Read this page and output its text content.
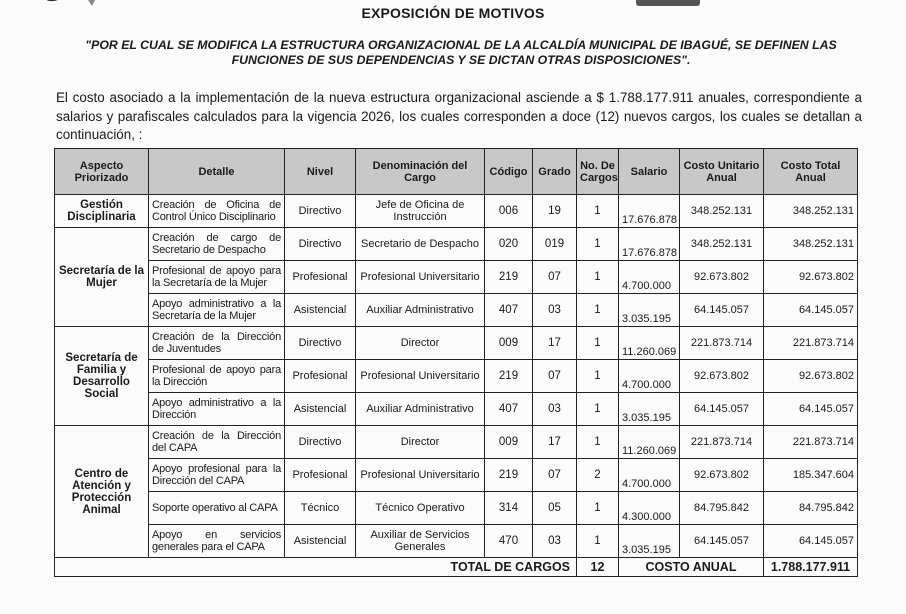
EXPOSICIÓN DE MOTIVOS
"POR EL CUAL SE MODIFICA LA ESTRUCTURA ORGANIZACIONAL DE LA ALCALDÍA MUNICIPAL DE IBAGUÉ, SE DEFINEN LAS FUNCIONES DE SUS DEPENDENCIAS Y SE DICTAN OTRAS DISPOSICIONES".
El costo asociado a la implementación de la nueva estructura organizacional asciende a $ 1.788.177.911 anuales, correspondiente a salarios y parafiscales calculados para la vigencia 2026, los cuales corresponden a doce (12) nuevos cargos, los cuales se detallan a continuación, :
Aspecto Priorizado	Detalle	Nivel	Denominación del Cargo	Código	Grado	No. De Cargos	Salario	Costo Unitario Anual	Costo Total Anual
Gestión Disciplinaria	Creación de Oficina de Control Único Disciplinario	Directivo	Jefe de Oficina de Instrucción	006	19	1	17.676.878	348.252.131	348.252.131
Secretaría de la Mujer	Creación de cargo de Secretario de Despacho	Directivo	Secretario de Despacho	020	019	1	17.676.878	348.252.131	348.252.131
	Profesional de apoyo para la Secretaría de la Mujer	Profesional	Profesional Universitario	219	07	1	4.700.000	92.673.802	92.673.802
	Apoyo administrativo a la Secretaría de la Mujer	Asistencial	Auxiliar Administrativo	407	03	1	3.035.195	64.145.057	64.145.057
Secretaría de Familia y Desarrollo Social	Creación de la Dirección de Juventudes	Directivo	Director	009	17	1	11.260.069	221.873.714	221.873.714
	Profesional de apoyo para la Dirección	Profesional	Profesional Universitario	219	07	1	4.700.000	92.673.802	92.673.802
	Apoyo administrativo a la Dirección	Asistencial	Auxiliar Administrativo	407	03	1	3.035.195	64.145.057	64.145.057
Centro de Atención y Protección Animal	Creación de la Dirección del CAPA	Directivo	Director	009	17	1	11.260.069	221.873.714	221.873.714
	Apoyo profesional para la Dirección del CAPA	Profesional	Profesional Universitario	219	07	2	4.700.000	92.673.802	185.347.604
	Soporte operativo al CAPA	Técnico	Técnico Operativo	314	05	1	4.300.000	84.795.842	84.795.842
	Apoyo en servicios generales para el CAPA	Asistencial	Auxiliar de Servicios Generales	470	03	1	3.035.195	64.145.057	64.145.057
TOTAL DE CARGOS						12	COSTO ANUAL		1.788.177.911
